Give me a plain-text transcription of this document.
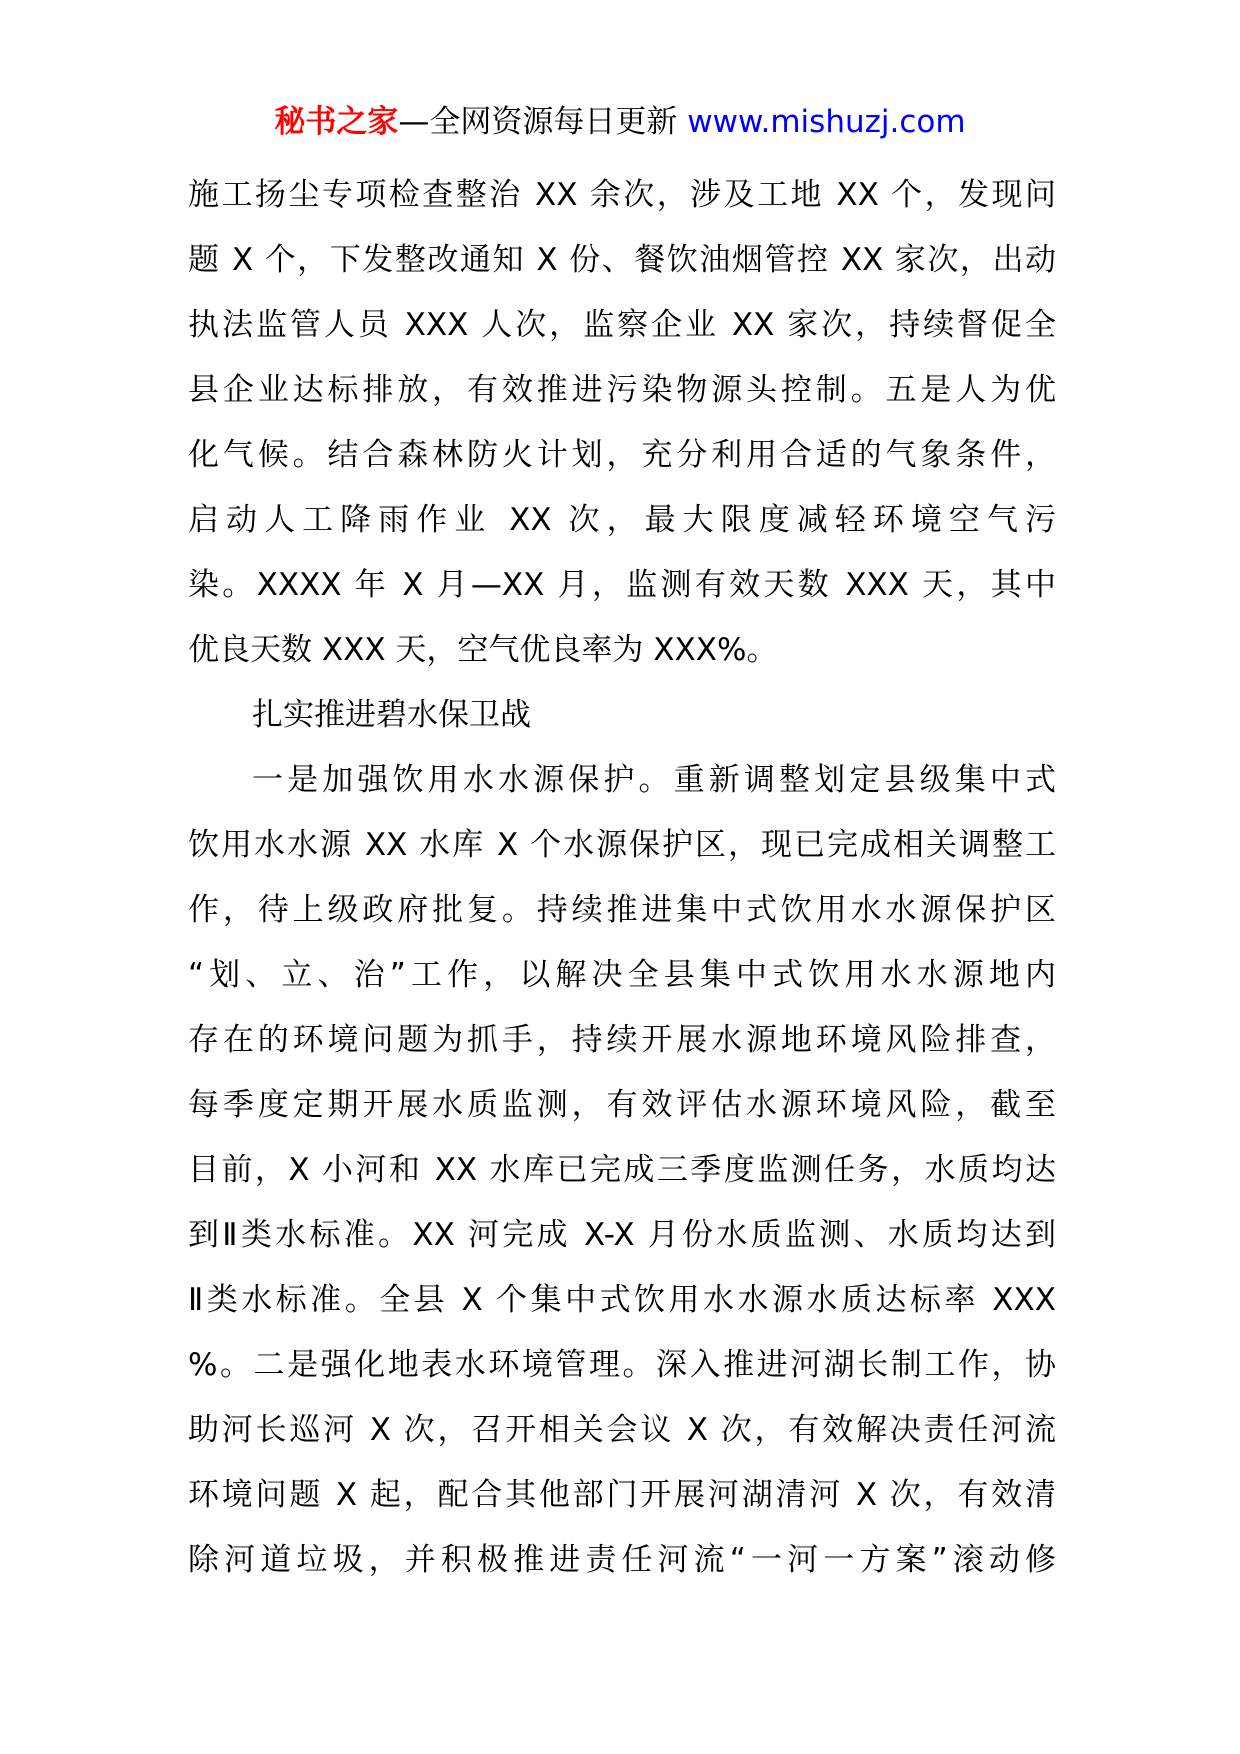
秘书之家—全网资源每日更新 www.mishuzj.com
施工扬尘专项检查整治 XX 余次，涉及工地 XX 个，发现问
题 X 个，下发整改通知 X 份、餐饮油烟管控 XX 家次，出动
执法监管人员 XXX 人次，监察企业 XX 家次，持续督促全
县企业达标排放，有效推进污染物源头控制。五是人为优
化气候。结合森林防火计划，充分利用合适的气象条件，
启动人工降雨作业 XX 次，最大限度减轻环境空气污
染。XXXX 年 X 月—XX 月，监测有效天数 XXX 天，其中
优良天数 XXX 天，空气优良率为 XXX%。
扎实推进碧水保卫战
一是加强饮用水水源保护。重新调整划定县级集中式
饮用水水源 XX 水库 X 个水源保护区，现已完成相关调整工
作，待上级政府批复。持续推进集中式饮用水水源保护区
“划、立、治”工作，以解决全县集中式饮用水水源地内
存在的环境问题为抓手，持续开展水源地环境风险排查，
每季度定期开展水质监测，有效评估水源环境风险，截至
目前，X 小河和 XX 水库已完成三季度监测任务，水质均达
到Ⅱ类水标准。XX 河完成 X-X 月份水质监测、水质均达到
Ⅱ类水标准。全县 X 个集中式饮用水水源水质达标率 XXX
%。二是强化地表水环境管理。深入推进河湖长制工作，协
助河长巡河 X 次，召开相关会议 X 次，有效解决责任河流
环境问题 X 起，配合其他部门开展河湖清河 X 次，有效清
除河道垃圾，并积极推进责任河流“一河一方案”滚动修
